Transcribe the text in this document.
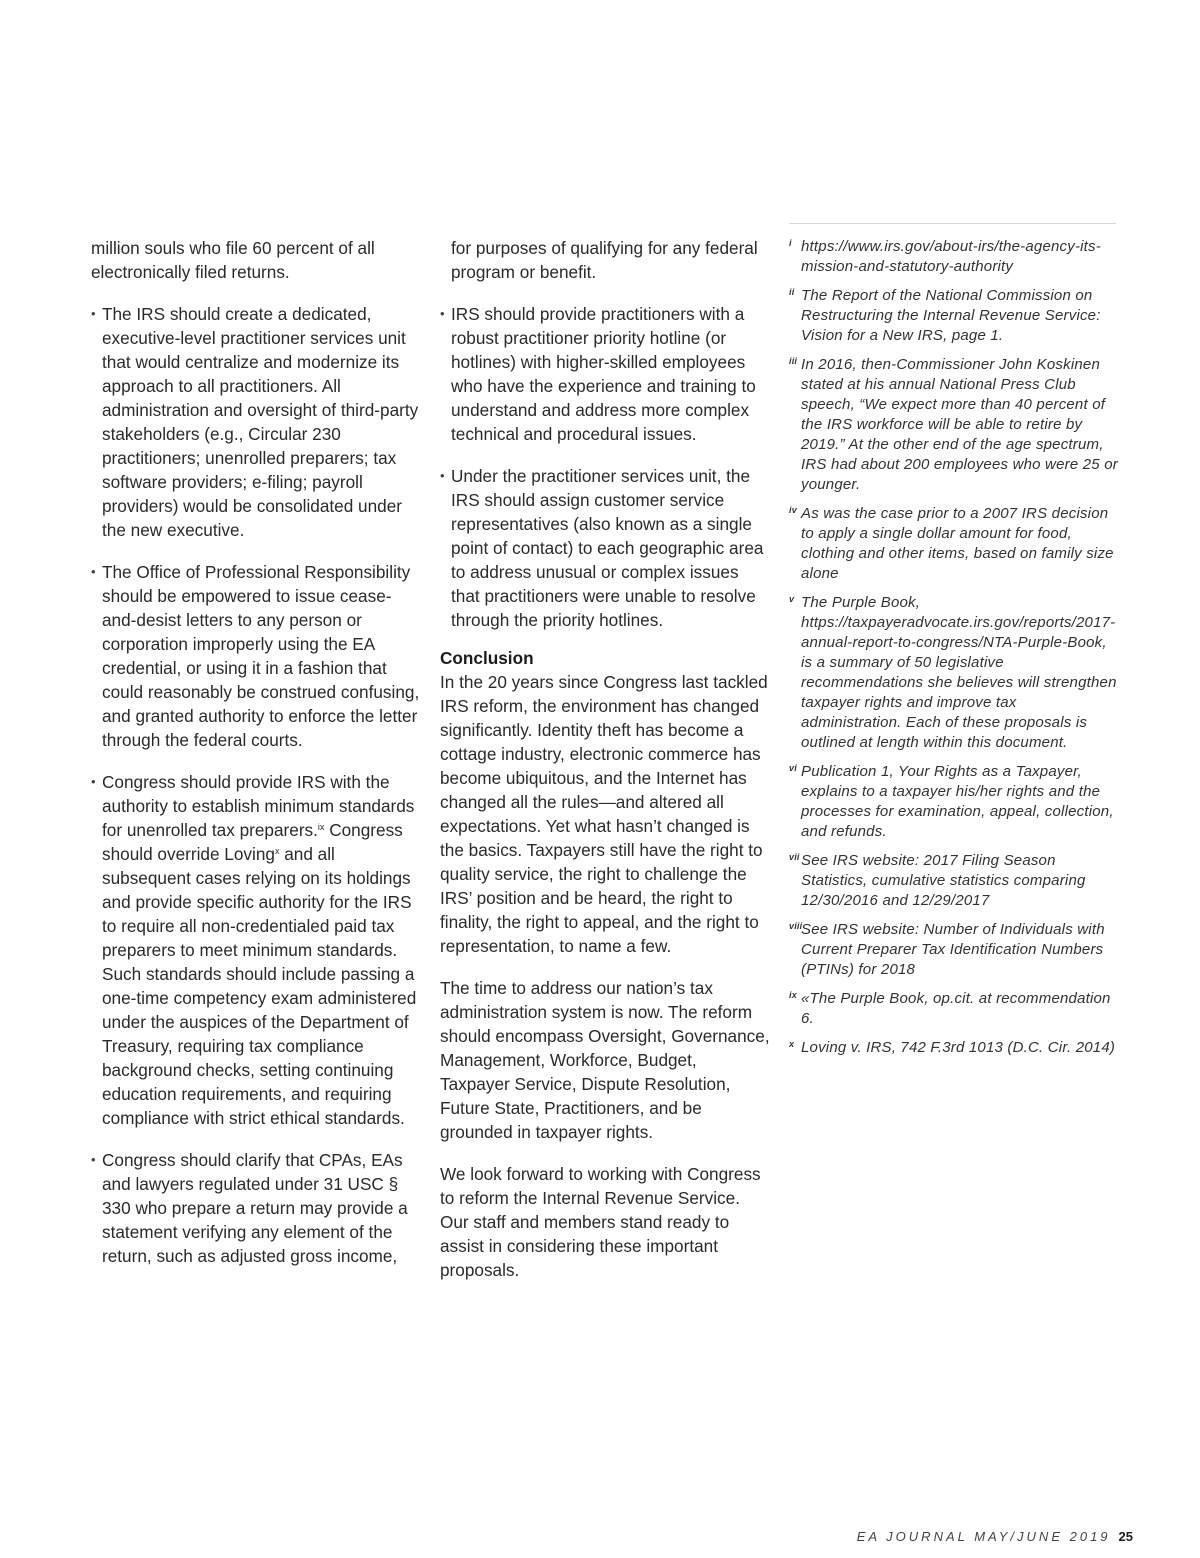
million souls who file 60 percent of all electronically filed returns.

• The IRS should create a dedicated, executive-level practitioner services unit that would centralize and modernize its approach to all practitioners. All administration and oversight of third-party stakeholders (e.g., Circular 230 practitioners; unenrolled preparers; tax software providers; e-filing; payroll providers) would be consolidated under the new executive.

• The Office of Professional Responsibility should be empowered to issue cease-and-desist letters to any person or corporation improperly using the EA credential, or using it in a fashion that could reasonably be construed confusing, and granted authority to enforce the letter through the federal courts.

• Congress should provide IRS with the authority to establish minimum standards for unenrolled tax preparers.$^{ix}$ Congress should override Loving$^x$ and all subsequent cases relying on its holdings and provide specific authority for the IRS to require all non-credentialed paid tax preparers to meet minimum standards. Such standards should include passing a one-time competency exam administered under the auspices of the Department of Treasury, requiring tax compliance background checks, setting continuing education requirements, and requiring compliance with strict ethical standards.

• Congress should clarify that CPAs, EAs and lawyers regulated under 31 USC § 330 who prepare a return may provide a statement verifying any element of the return, such as adjusted gross income,

for purposes of qualifying for any federal program or benefit.

• IRS should provide practitioners with a robust practitioner priority hotline (or hotlines) with higher-skilled employees who have the experience and training to understand and address more complex technical and procedural issues.

• Under the practitioner services unit, the IRS should assign customer service representatives (also known as a single point of contact) to each geographic area to address unusual or complex issues that practitioners were unable to resolve through the priority hotlines.

Conclusion

In the 20 years since Congress last tackled IRS reform, the environment has changed significantly. Identity theft has become a cottage industry, electronic commerce has become ubiquitous, and the Internet has changed all the rules—and altered all expectations. Yet what hasn’t changed is the basics. Taxpayers still have the right to quality service, the right to challenge the IRS’ position and be heard, the right to finality, the right to appeal, and the right to representation, to name a few.

The time to address our nation’s tax administration system is now. The reform should encompass Oversight, Governance, Management, Workforce, Budget, Taxpayer Service, Dispute Resolution, Future State, Practitioners, and be grounded in taxpayer rights.

We look forward to working with Congress to reform the Internal Revenue Service. Our staff and members stand ready to assist in considering these important proposals.

i https://www.irs.gov/about-irs/the-agency-its-mission-and-statutory-authority
ii The Report of the National Commission on Restructuring the Internal Revenue Service: Vision for a New IRS, page 1.
iii In 2016, then-Commissioner John Koskinen stated at his annual National Press Club speech, “We expect more than 40 percent of the IRS workforce will be able to retire by 2019.” At the other end of the age spectrum, IRS had about 200 employees who were 25 or younger.
iv As was the case prior to a 2007 IRS decision to apply a single dollar amount for food, clothing and other items, based on family size alone
v The Purple Book, https://taxpayeradvocate.irs.gov/reports/2017-annual-report-to-congress/NTA-Purple-Book, is a summary of 50 legislative recommendations she believes will strengthen taxpayer rights and improve tax administration. Each of these proposals is outlined at length within this document.
vi Publication 1, Your Rights as a Taxpayer, explains to a taxpayer his/her rights and the processes for examination, appeal, collection, and refunds.
vii See IRS website: 2017 Filing Season Statistics, cumulative statistics comparing 12/30/2016 and 12/29/2017
viii
See IRS website: Number of Individuals with Current Preparer Tax Identification Numbers (PTINs) for 2018
ix «The Purple Book, op.cit. at recommendation 6.
x Loving v. IRS, 742 F.3rd 1013 (D.C. Cir. 2014)
EA JOURNAL MAY/JUNE 2019 25
